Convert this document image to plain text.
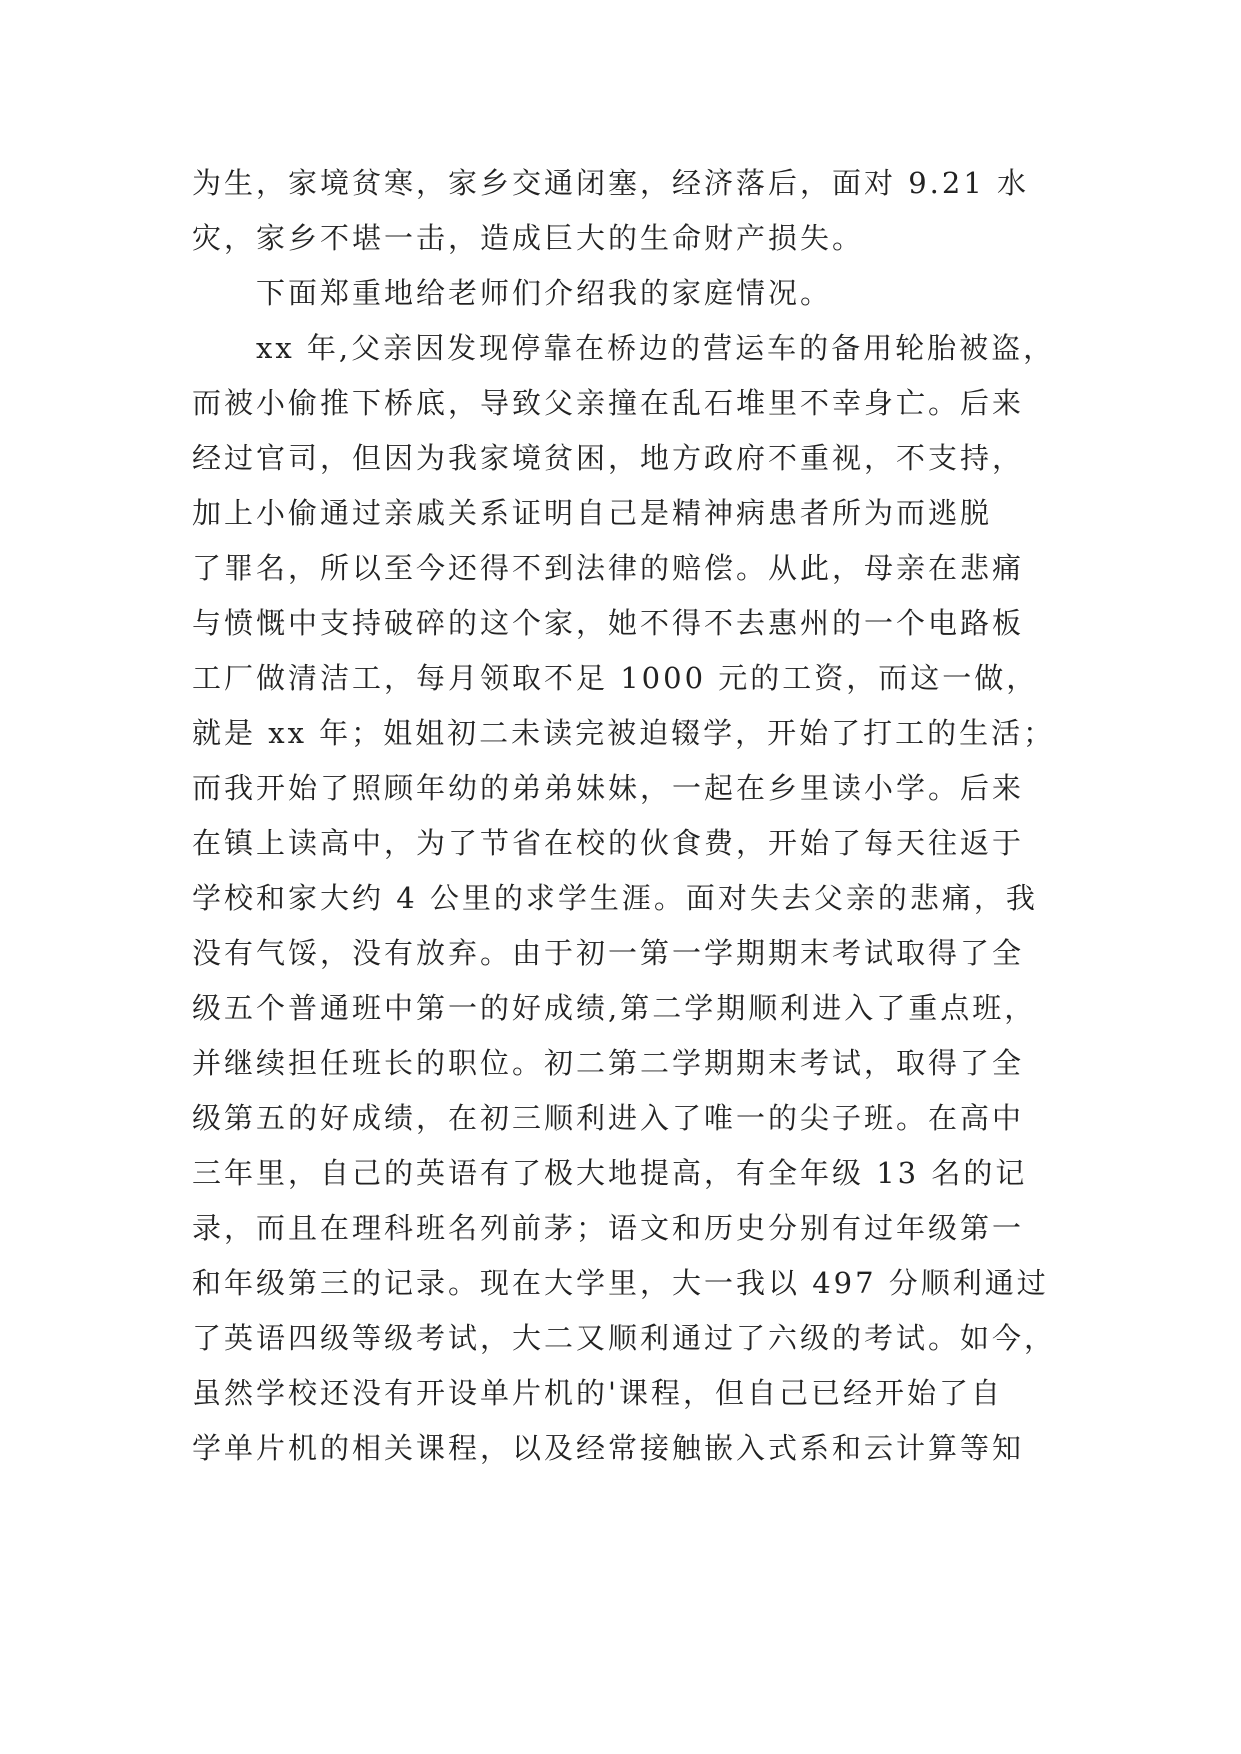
为生，家境贫寒，家乡交通闭塞，经济落后，面对 9.21 水
灾，家乡不堪一击，造成巨大的生命财产损失。
下面郑重地给老师们介绍我的家庭情况。
xx 年,父亲因发现停靠在桥边的营运车的备用轮胎被盗，
而被小偷推下桥底，导致父亲撞在乱石堆里不幸身亡。后来
经过官司，但因为我家境贫困，地方政府不重视，不支持，
加上小偷通过亲戚关系证明自己是精神病患者所为而逃脱
了罪名，所以至今还得不到法律的赔偿。从此，母亲在悲痛
与愤慨中支持破碎的这个家，她不得不去惠州的一个电路板
工厂做清洁工，每月领取不足 1000 元的工资，而这一做，
就是 xx 年；姐姐初二未读完被迫辍学，开始了打工的生活；
而我开始了照顾年幼的弟弟妹妹，一起在乡里读小学。后来
在镇上读高中，为了节省在校的伙食费，开始了每天往返于
学校和家大约 4 公里的求学生涯。面对失去父亲的悲痛，我
没有气馁，没有放弃。由于初一第一学期期末考试取得了全
级五个普通班中第一的好成绩,第二学期顺利进入了重点班，
并继续担任班长的职位。初二第二学期期末考试，取得了全
级第五的好成绩，在初三顺利进入了唯一的尖子班。在高中
三年里，自己的英语有了极大地提高，有全年级 13 名的记
录，而且在理科班名列前茅；语文和历史分别有过年级第一
和年级第三的记录。现在大学里，大一我以 497 分顺利通过
了英语四级等级考试，大二又顺利通过了六级的考试。如今，
虽然学校还没有开设单片机的'课程，但自己已经开始了自
学单片机的相关课程，以及经常接触嵌入式系和云计算等知
